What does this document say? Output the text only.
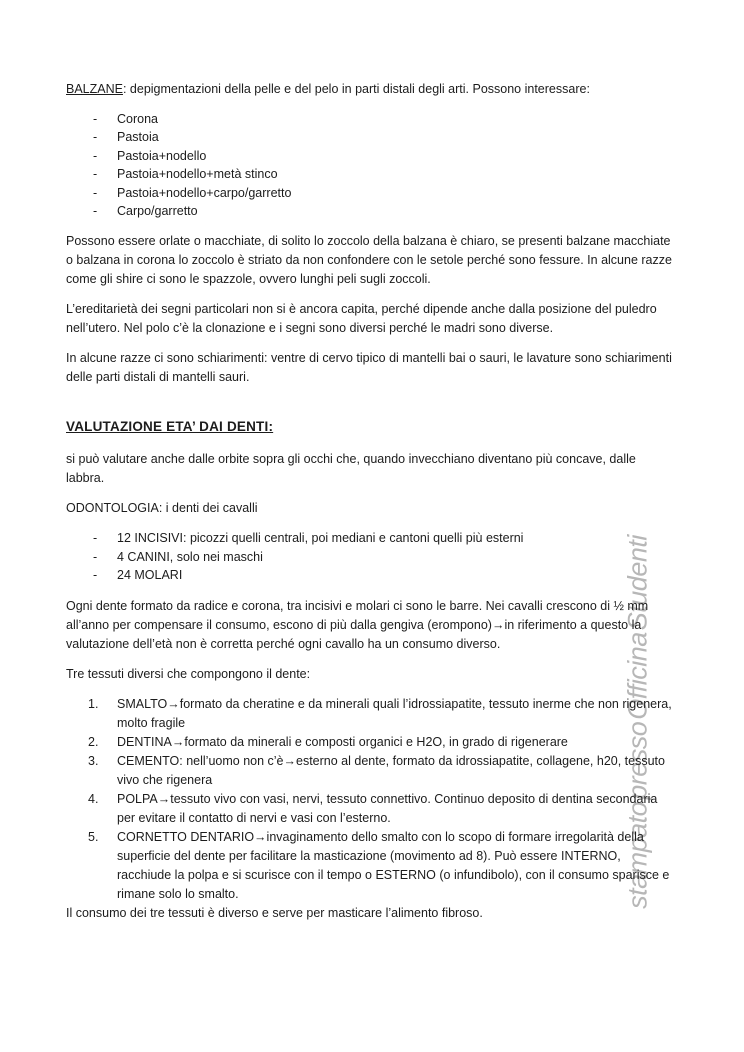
stampato presso Officina Studenti

BALZANE: depigmentazioni della pelle e del pelo in parti distali degli arti. Possono interessare:

- Corona
- Pastoia
- Pastoia+nodello
- Pastoia+nodello+metà stinco
- Pastoia+nodello+carpo/garretto
- Carpo/garretto

Possono essere orlate o macchiate, di solito lo zoccolo della balzana è chiaro, se presenti balzane macchiate o balzana in corona lo zoccolo è striato da non confondere con le setole perché sono fessure. In alcune razze come gli shire ci sono le spazzole, ovvero lunghi peli sugli zoccoli.

L’ereditarietà dei segni particolari non si è ancora capita, perché dipende anche dalla posizione del puledro nell’utero. Nel polo c’è la clonazione e i segni sono diversi perché le madri sono diverse.

In alcune razze ci sono schiarimenti: ventre di cervo tipico di mantelli bai o sauri, le lavature sono schiarimenti delle parti distali di mantelli sauri.

VALUTAZIONE ETA’ DAI DENTI:

si può valutare anche dalle orbite sopra gli occhi che, quando invecchiano diventano più concave, dalle labbra.

ODONTOLOGIA: i denti dei cavalli

- 12 INCISIVI: picozzi quelli centrali, poi mediani e cantoni quelli più esterni
- 4 CANINI, solo nei maschi
- 24 MOLARI

Ogni dente formato da radice e corona, tra incisivi e molari ci sono le barre. Nei cavalli crescono di ½ mm all’anno per compensare il consumo, escono di più dalla gengiva (erompono)→in riferimento a questo la valutazione dell’età non è corretta perché ogni cavallo ha un consumo diverso.

Tre tessuti diversi che compongono il dente:

SMALTO→formato da cheratine e da minerali quali l’idrossiapatite, tessuto inerme che non rigenera, molto fragile
DENTINA→formato da minerali e composti organici e H2O, in grado di rigenerare
CEMENTO: nell’uomo non c’è→esterno al dente, formato da idrossiapatite, collagene, h20, tessuto vivo che rigenera
POLPA→tessuto vivo con vasi, nervi, tessuto connettivo. Continuo deposito di dentina secondaria per evitare il contatto di nervi e vasi con l’esterno.
CORNETTO DENTARIO→invaginamento dello smalto con lo scopo di formare irregolarità della superficie del dente per facilitare la masticazione (movimento ad 8). Può essere INTERNO, racchiude la polpa e si scurisce con il tempo o ESTERNO (o infundibolo), con il consumo sparisce e rimane solo lo smalto.

Il consumo dei tre tessuti è diverso e serve per masticare l’alimento fibroso.
